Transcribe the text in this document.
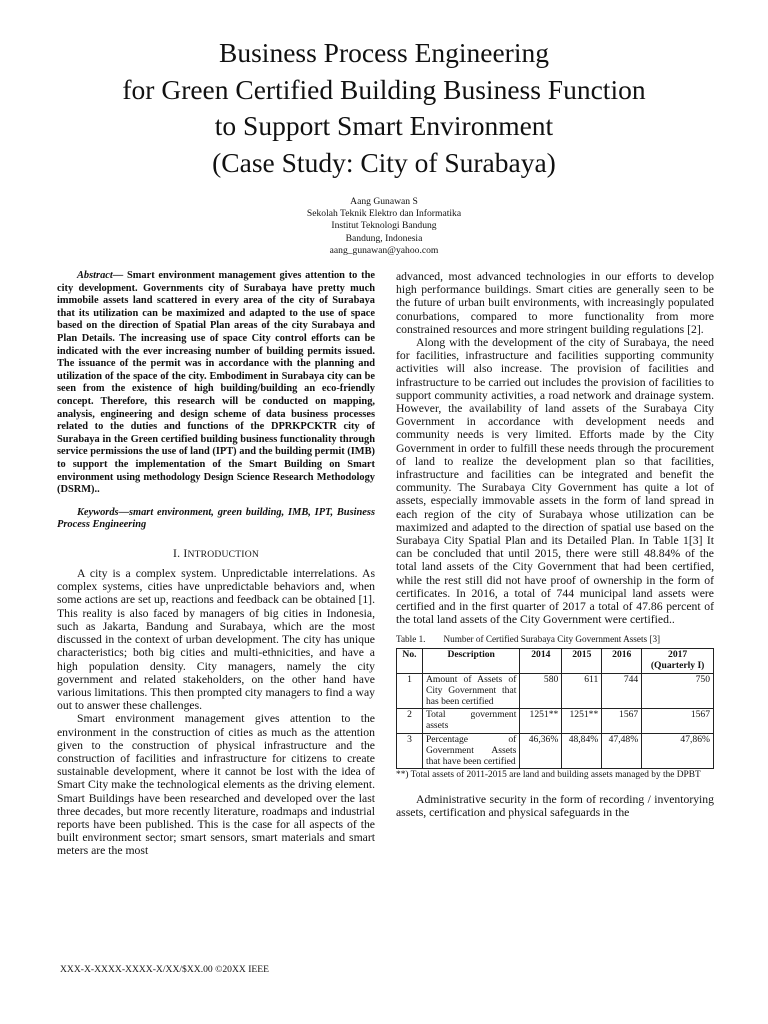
Business Process Engineering
for Green Certified Building Business Function
to Support Smart Environment
(Case Study: City of Surabaya)
Aang Gunawan S
Sekolah Teknik Elektro dan Informatika
Institut Teknologi Bandung
Bandung, Indonesia
aang_gunawan@yahoo.com

Abstract— Smart environment management gives attention to the city development. Governments city of Surabaya have pretty much immobile assets land scattered in every area of the city of Surabaya that its utilization can be maximized and adapted to the use of space based on the direction of Spatial Plan areas of the city Surabaya and Plan Details. The increasing use of space City control efforts can be indicated with the ever increasing number of building permits issued. The issuance of the permit was in accordance with the planning and utilization of the space of the city. Embodiment in Surabaya city can be seen from the existence of high building/building an eco-friendly concept. Therefore, this research will be conducted on mapping, analysis, engineering and design scheme of data business processes related to the duties and functions of the DPRKPCKTR city of Surabaya in the Green certified building business functionality through service permissions the use of land (IPT) and the building permit (IMB) to support the implementation of the Smart Building on Smart environment using methodology Design Science Research Methodology (DSRM)..

Keywords—smart environment, green building, IMB, IPT, Business Process Engineering

I. INTRODUCTION

A city is a complex system. Unpredictable interrelations. As complex systems, cities have unpredictable behaviors and, when some actions are set up, reactions and feedback can be obtained [1]. This reality is also faced by managers of big cities in Indonesia, such as Jakarta, Bandung and Surabaya, which are the most discussed in the context of urban development. The city has unique characteristics; both big cities and multi-ethnicities, and have a high population density. City managers, namely the city government and related stakeholders, on the other hand have various limitations. This then prompted city managers to find a way out to answer these challenges.

Smart environment management gives attention to the environment in the construction of cities as much as the attention given to the construction of physical infrastructure and the construction of facilities and infrastructure for citizens to create sustainable development, where it cannot be lost with the idea of Smart City make the technological elements as the driving element. Smart Buildings have been researched and developed over the last three decades, but more recently literature, roadmaps and industrial reports have been published. This is the case for all aspects of the built environment sector; smart sensors, smart materials and smart meters are the most

advanced, most advanced technologies in our efforts to develop high performance buildings. Smart cities are generally seen to be the future of urban built environments, with increasingly populated conurbations, compared to more functionality from more constrained resources and more stringent building regulations [2].

Along with the development of the city of Surabaya, the need for facilities, infrastructure and facilities supporting community activities will also increase. The provision of facilities and infrastructure to be carried out includes the provision of facilities to support community activities, a road network and drainage system. However, the availability of land assets of the Surabaya City Government in accordance with development needs and community needs is very limited. Efforts made by the City Government in order to fulfill these needs through the procurement of land to realize the development plan so that facilities, infrastructure and facilities can be integrated and benefit the community. The Surabaya City Government has quite a lot of assets, especially immovable assets in the form of land spread in each region of the city of Surabaya whose utilization can be maximized and adapted to the direction of spatial use based on the Surabaya City Spatial Plan and its Detailed Plan. In Table 1[3] It can be concluded that until 2015, there were still 48.84% of the total land assets of the City Government that had been certified, while the rest still did not have proof of ownership in the form of certificates. In 2016, a total of 744 municipal land assets were certified and in the first quarter of 2017 a total of 47.86 percent of the total land assets of the City Government were certified..

Table 1. Number of Certified Surabaya City Government Assets [3]

No.	Description	2014	2015	2016	2017 (Quarterly I)
1	Amount of Assets of City Government that has been certified	580	611	744	750
2	Total government assets	1251**	1251**	1567	1567
3	Percentage of Government Assets that have been certified	46,36%	48,84%	47,48%	47,86%

**) Total assets of 2011-2015 are land and building assets managed by the DPBT

Administrative security in the form of recording / inventorying assets, certification and physical safeguards in the

XXX-X-XXXX-XXXX-X/XX/$XX.00 ©20XX IEEE
